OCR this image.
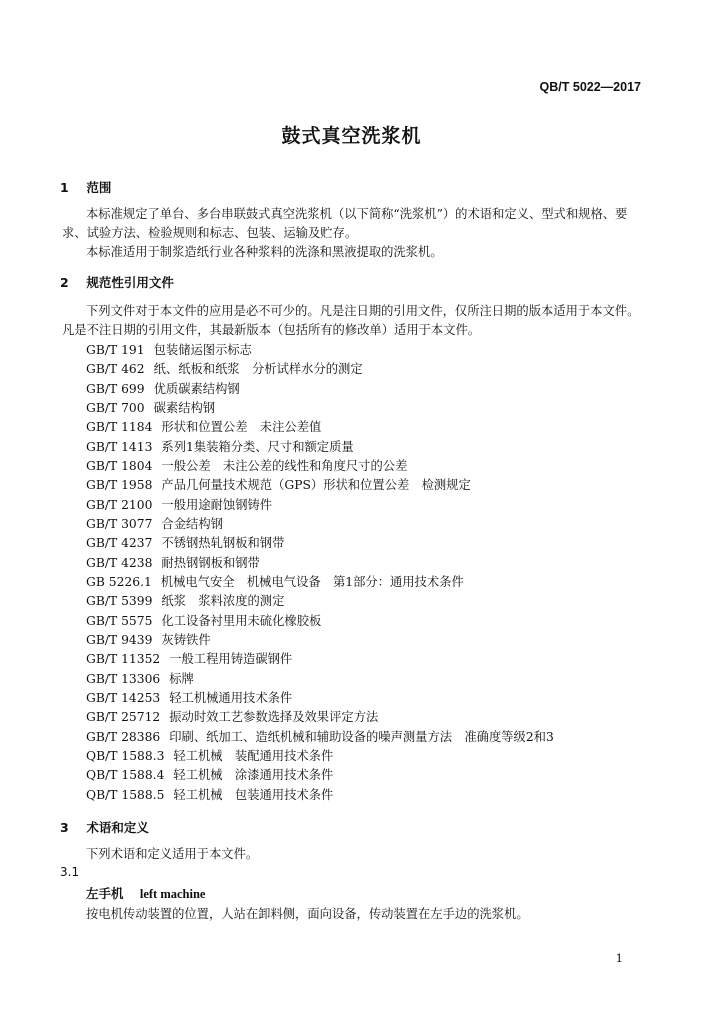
QB/T 5022—2017
鼓式真空洗浆机
1 范围
本标准规定了单台、多台串联鼓式真空洗浆机（以下简称“洗浆机”）的术语和定义、型式和规格、要求、试验方法、检验规则和标志、包装、运输及贮存。
本标准适用于制浆造纸行业各种浆料的洗涤和黑液提取的洗浆机。
2 规范性引用文件
下列文件对于本文件的应用是必不可少的。凡是注日期的引用文件，仅所注日期的版本适用于本文件。凡是不注日期的引用文件，其最新版本（包括所有的修改单）适用于本文件。
GB/T 191 包装储运图示标志
GB/T 462 纸、纸板和纸浆　分析试样水分的测定
GB/T 699 优质碳素结构钢
GB/T 700 碳素结构钢
GB/T 1184 形状和位置公差　未注公差值
GB/T 1413 系列1集装箱分类、尺寸和额定质量
GB/T 1804 一般公差　未注公差的线性和角度尺寸的公差
GB/T 1958 产品几何量技术规范（GPS）形状和位置公差　检测规定
GB/T 2100 一般用途耐蚀钢铸件
GB/T 3077 合金结构钢
GB/T 4237 不锈钢热轧钢板和钢带
GB/T 4238 耐热钢钢板和钢带
GB 5226.1 机械电气安全　机械电气设备　第1部分：通用技术条件
GB/T 5399 纸浆　浆料浓度的测定
GB/T 5575 化工设备衬里用未硫化橡胶板
GB/T 9439 灰铸铁件
GB/T 11352 一般工程用铸造碳钢件
GB/T 13306 标牌
GB/T 14253 轻工机械通用技术条件
GB/T 25712 振动时效工艺参数选择及效果评定方法
GB/T 28386 印刷、纸加工、造纸机械和辅助设备的噪声测量方法　准确度等级2和3
QB/T 1588.3 轻工机械　装配通用技术条件
QB/T 1588.4 轻工机械　涂漆通用技术条件
QB/T 1588.5 轻工机械　包装通用技术条件
3 术语和定义
下列术语和定义适用于本文件。
3.1
左手机 left machine
按电机传动装置的位置，人站在卸料侧，面向设备，传动装置在左手边的洗浆机。
1
